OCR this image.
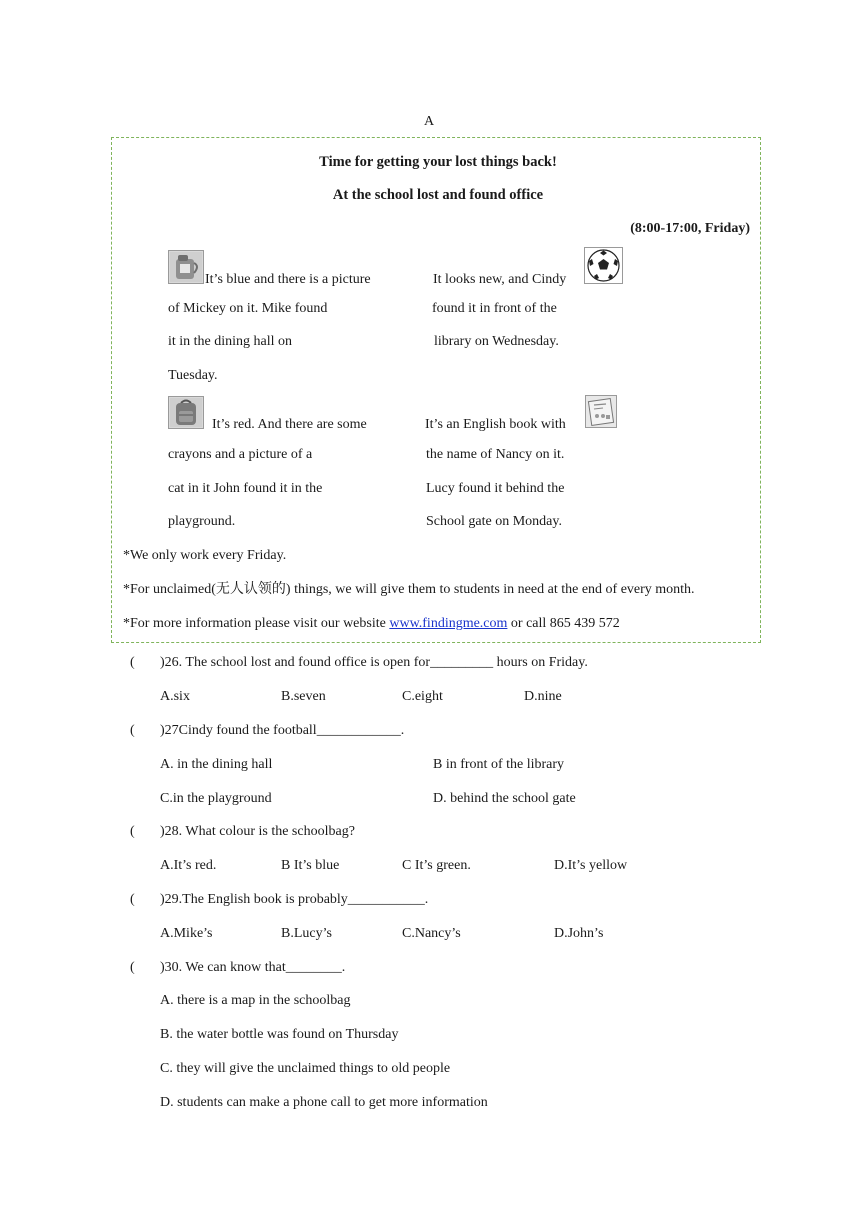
A
Time for getting your lost things back!
At the school lost and found office
(8:00-17:00, Friday)
It’s blue and there is a picture
of Mickey on it. Mike found
it in the dining hall on
Tuesday.
It looks new, and Cindy
found it in front of the
library on Wednesday.
It’s red. And there are some
crayons and a picture of a
cat in it John found it in the
playground.
It’s an English book with
the name of Nancy on it.
Lucy found it behind the
School gate on Monday.
*We only work every Friday.
*For unclaimed(无人认领的) things, we will give them to students in need at the end of every month.
*For more information please visit our website www.findingme.com or call 865 439 572
( )26. The school lost and found office is open for_________ hours on Friday.
A.six	B.seven	C.eight	D.nine
( )27Cindy found the football____________.
A. in the dining hall	B in front of the library
C.in the playground	D. behind the school gate
( )28. What colour is the schoolbag?
A.It’s red.	B It’s blue	C It’s green.	D.It’s yellow
( )29.The English book is probably___________.
A.Mike’s	B.Lucy’s	C.Nancy’s	D.John’s
( )30. We can know that________.
A. there is a map in the schoolbag
B. the water bottle was found on Thursday
C. they will give the unclaimed things to old people
D. students can make a phone call to get more information
